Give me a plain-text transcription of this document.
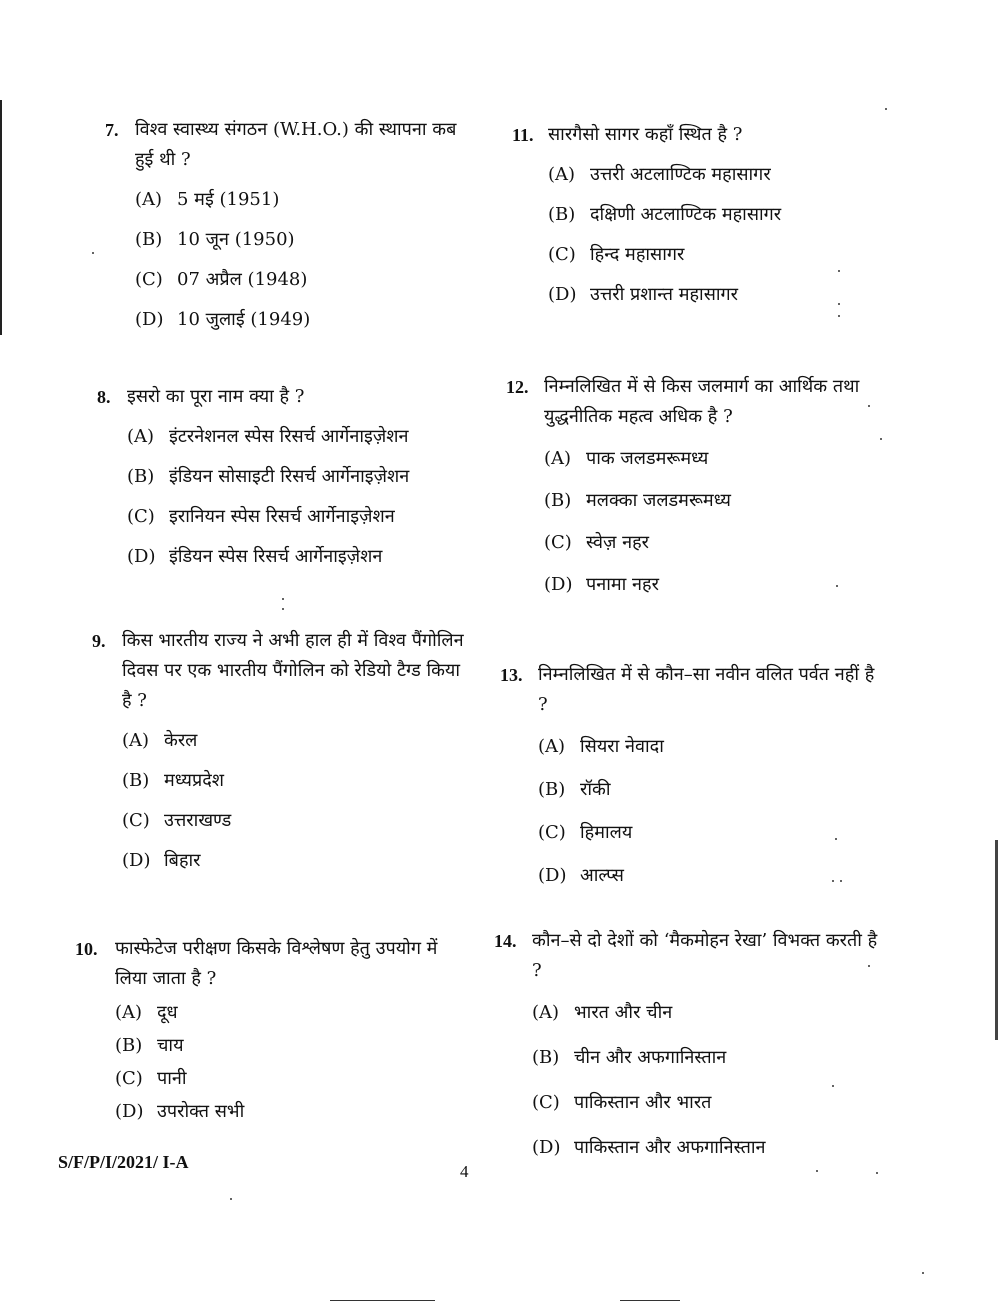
7. विश्व स्वास्थ्य संगठन (W.H.O.) की स्थापना कब हुई थी ?
(A) 5 मई (1951)
(B) 10 जून (1950)
(C) 07 अप्रैल (1948)
(D) 10 जुलाई (1949)
8. इसरो का पूरा नाम क्या है ?
(A) इंटरनेशनल स्पेस रिसर्च आर्गेनाइज़ेशन
(B) इंडियन सोसाइटी रिसर्च आर्गेनाइज़ेशन
(C) इरानियन स्पेस रिसर्च आर्गेनाइज़ेशन
(D) इंडियन स्पेस रिसर्च आर्गेनाइज़ेशन
9. किस भारतीय राज्य ने अभी हाल ही में विश्व पैंगोलिन दिवस पर एक भारतीय पैंगोलिन को रेडियो टैग्ड किया है ?
(A) केरल
(B) मध्यप्रदेश
(C) उत्तराखण्ड
(D) बिहार
10. फास्फेटेज परीक्षण किसके विश्लेषण हेतु उपयोग में लिया जाता है ?
(A) दूध
(B) चाय
(C) पानी
(D) उपरोक्त सभी
11. सारगैसो सागर कहाँ स्थित है ?
(A) उत्तरी अटलाण्टिक महासागर
(B) दक्षिणी अटलाण्टिक महासागर
(C) हिन्द महासागर
(D) उत्तरी प्रशान्त महासागर
12. निम्नलिखित में से किस जलमार्ग का आर्थिक तथा युद्धनीतिक महत्व अधिक है ?
(A) पाक जलडमरूमध्य
(B) मलक्का जलडमरूमध्य
(C) स्वेज़ नहर
(D) पनामा नहर
13. निम्नलिखित में से कौन–सा नवीन वलित पर्वत नहीं है ?
(A) सियरा नेवादा
(B) रॉकी
(C) हिमालय
(D) आल्प्स
14. कौन–से दो देशों को ‘मैकमोहन रेखा’ विभक्त करती है ?
(A) भारत और चीन
(B) चीन और अफगानिस्तान
(C) पाकिस्तान और भारत
(D) पाकिस्तान और अफगानिस्तान
S/F/P/I/2021/ I-A	4
